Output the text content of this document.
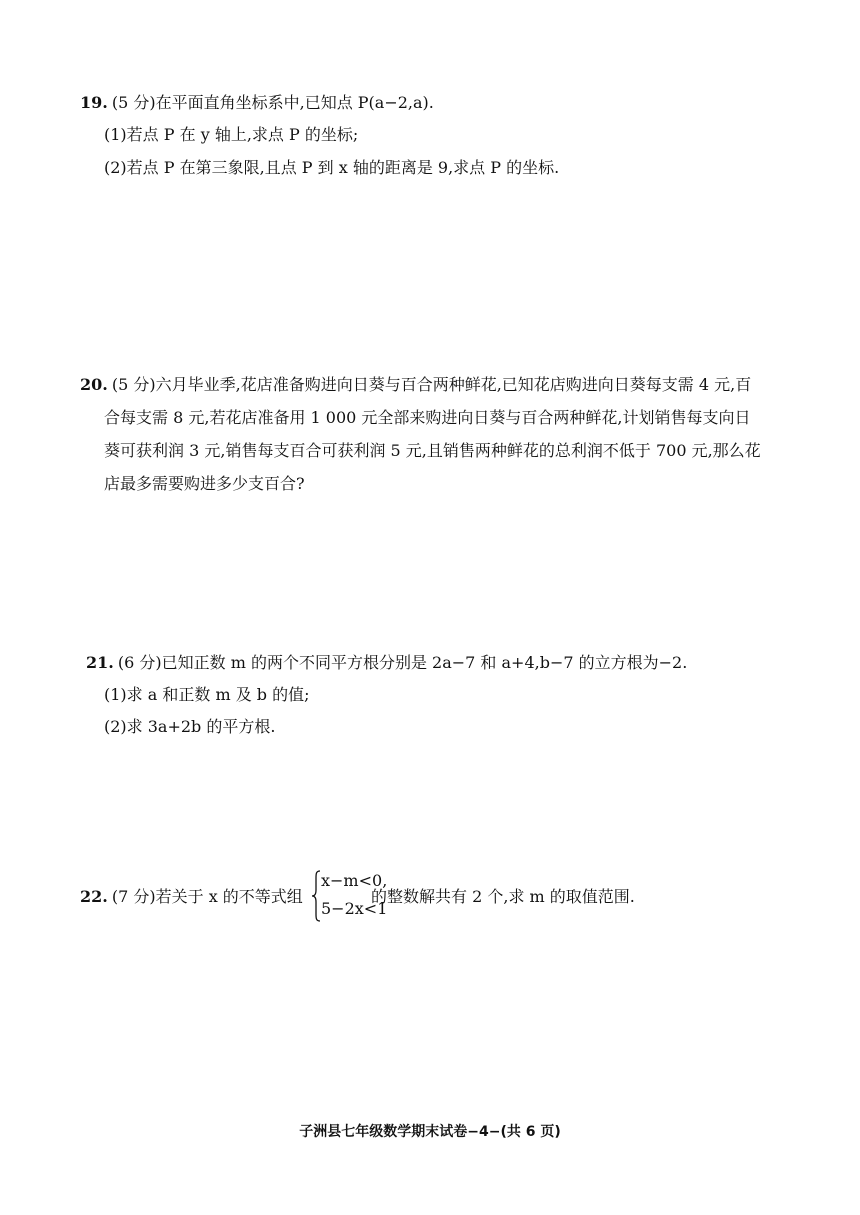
19. (5 分)在平面直角坐标系中,已知点 P(a−2,a).
(1)若点 P 在 y 轴上,求点 P 的坐标;
(2)若点 P 在第三象限,且点 P 到 x 轴的距离是 9,求点 P 的坐标.
20. (5 分)六月毕业季,花店准备购进向日葵与百合两种鲜花,已知花店购进向日葵每支需 4 元,百
合每支需 8 元,若花店准备用 1 000 元全部来购进向日葵与百合两种鲜花,计划销售每支向日
葵可获利润 3 元,销售每支百合可获利润 5 元,且销售两种鲜花的总利润不低于 700 元,那么花
店最多需要购进多少支百合?
21. (6 分)已知正数 m 的两个不同平方根分别是 2a−7 和 a+4,b−7 的立方根为−2.
(1)求 a 和正数 m 及 b 的值;
(2)求 3a+2b 的平方根.
22. (7 分)若关于 x 的不等式组
x−m<0,
5−2x<1
的整数解共有 2 个,求 m 的取值范围.
子洲县七年级数学期末试卷−4−(共 6 页)
